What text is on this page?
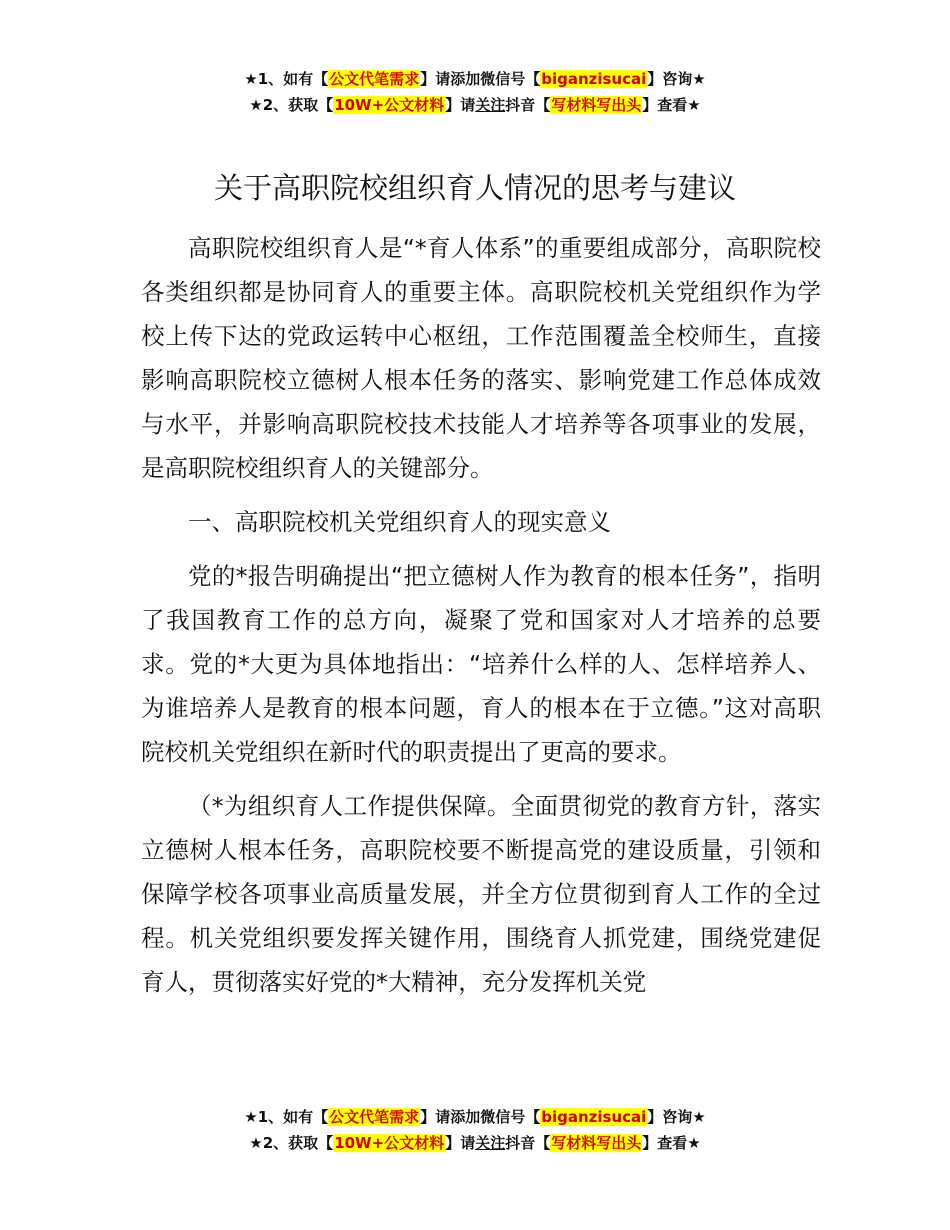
★1、如有【公文代笔需求】请添加微信号【biganzisucai】咨询★
★2、获取【10W+公文材料】请关注抖音【写材料写出头】查看★
关于高职院校组织育人情况的思考与建议

高职院校组织育人是“*育人体系”的重要组成部分，高职院校各类组织都是协同育人的重要主体。高职院校机关党组织作为学校上传下达的党政运转中心枢纽，工作范围覆盖全校师生，直接影响高职院校立德树人根本任务的落实、影响党建工作总体成效与水平，并影响高职院校技术技能人才培养等各项事业的发展，是高职院校组织育人的关键部分。

一、高职院校机关党组织育人的现实意义

党的*报告明确提出“把立德树人作为教育的根本任务”，指明了我国教育工作的总方向，凝聚了党和国家对人才培养的总要求。党的*大更为具体地指出：“培养什么样的人、怎样培养人、为谁培养人是教育的根本问题，育人的根本在于立德。”这对高职院校机关党组织在新时代的职责提出了更高的要求。

（*为组织育人工作提供保障。全面贯彻党的教育方针，落实立德树人根本任务，高职院校要不断提高党的建设质量，引领和保障学校各项事业高质量发展，并全方位贯彻到育人工作的全过程。机关党组织要发挥关键作用，围绕育人抓党建，围绕党建促育人，贯彻落实好党的*大精神，充分发挥机关党

★1、如有【公文代笔需求】请添加微信号【biganzisucai】咨询★
★2、获取【10W+公文材料】请关注抖音【写材料写出头】查看★
